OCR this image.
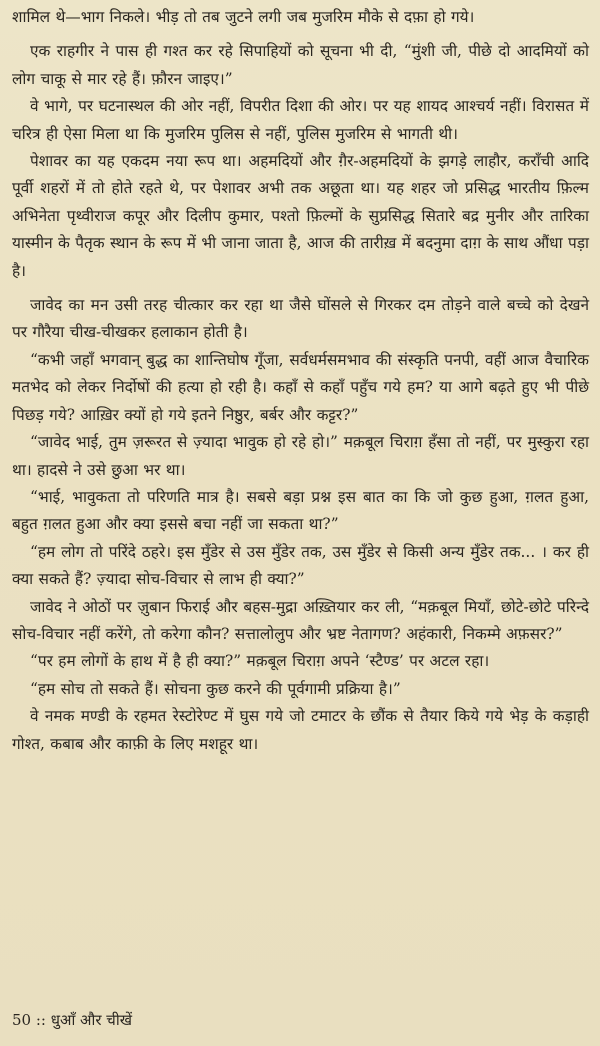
शामिल थे—भाग निकले। भीड़ तो तब जुटने लगी जब मुजरिम मौके से दफ़ा हो गये।

एक राहगीर ने पास ही गश्त कर रहे सिपाहियों को सूचना भी दी, “मुंशी जी, पीछे दो आदमियों को लोग चाकू से मार रहे हैं। फ़ौरन जाइए।”

वे भागे, पर घटनास्थल की ओर नहीं, विपरीत दिशा की ओर। पर यह शायद आश्चर्य नहीं। विरासत में चरित्र ही ऐसा मिला था कि मुजरिम पुलिस से नहीं, पुलिस मुजरिम से भागती थी।

पेशावर का यह एकदम नया रूप था। अहमदियों और ग़ैर-अहमदियों के झगड़े लाहौर, कराँची आदि पूर्वी शहरों में तो होते रहते थे, पर पेशावर अभी तक अछूता था। यह शहर जो प्रसिद्ध भारतीय फ़िल्म अभिनेता पृथ्वीराज कपूर और दिलीप कुमार, पश्तो फ़िल्मों के सुप्रसिद्ध सितारे बद्र मुनीर और तारिका यास्मीन के पैतृक स्थान के रूप में भी जाना जाता है, आज की तारीख़ में बदनुमा दाग़ के साथ औंधा पड़ा है।

जावेद का मन उसी तरह चीत्कार कर रहा था जैसे घोंसले से गिरकर दम तोड़ने वाले बच्चे को देखने पर गौरैया चीख-चीखकर हलाकान होती है।

“कभी जहाँ भगवान् बुद्ध का शान्तिघोष गूँजा, सर्वधर्मसमभाव की संस्कृति पनपी, वहीं आज वैचारिक मतभेद को लेकर निर्दोषों की हत्या हो रही है। कहाँ से कहाँ पहुँच गये हम? या आगे बढ़ते हुए भी पीछे पिछड़ गये? आख़िर क्यों हो गये इतने निष्ठुर, बर्बर और कट्टर?”

“जावेद भाई, तुम ज़रूरत से ज़्यादा भावुक हो रहे हो।” मक़बूल चिराग़ हँसा तो नहीं, पर मुस्कुरा रहा था। हादसे ने उसे छुआ भर था।

“भाई, भावुकता तो परिणति मात्र है। सबसे बड़ा प्रश्न इस बात का कि जो कुछ हुआ, ग़लत हुआ, बहुत ग़लत हुआ और क्या इससे बचा नहीं जा सकता था?”

“हम लोग तो परिंदे ठहरे। इस मुँडेर से उस मुँडेर तक, उस मुँडेर से किसी अन्य मुँडेर तक... । कर ही क्या सकते हैं? ज़्यादा सोच-विचार से लाभ ही क्या?”

जावेद ने ओठों पर ज़ुबान फिराई और बहस-मुद्रा अख़्तियार कर ली, “मक़बूल मियाँ, छोटे-छोटे परिन्दे सोच-विचार नहीं करेंगे, तो करेगा कौन? सत्तालोलुप और भ्रष्ट नेतागण? अहंकारी, निकम्मे अफ़सर?”

“पर हम लोगों के हाथ में है ही क्या?” मक़बूल चिराग़ अपने ‘स्टैण्ड’ पर अटल रहा।

“हम सोच तो सकते हैं। सोचना कुछ करने की पूर्वगामी प्रक्रिया है।”

वे नमक मण्डी के रहमत रेस्टोरेण्ट में घुस गये जो टमाटर के छौंक से तैयार किये गये भेड़ के कड़ाही गोश्त, कबाब और काफ़ी के लिए मशहूर था।

50 :: धुआँ और चीखें
